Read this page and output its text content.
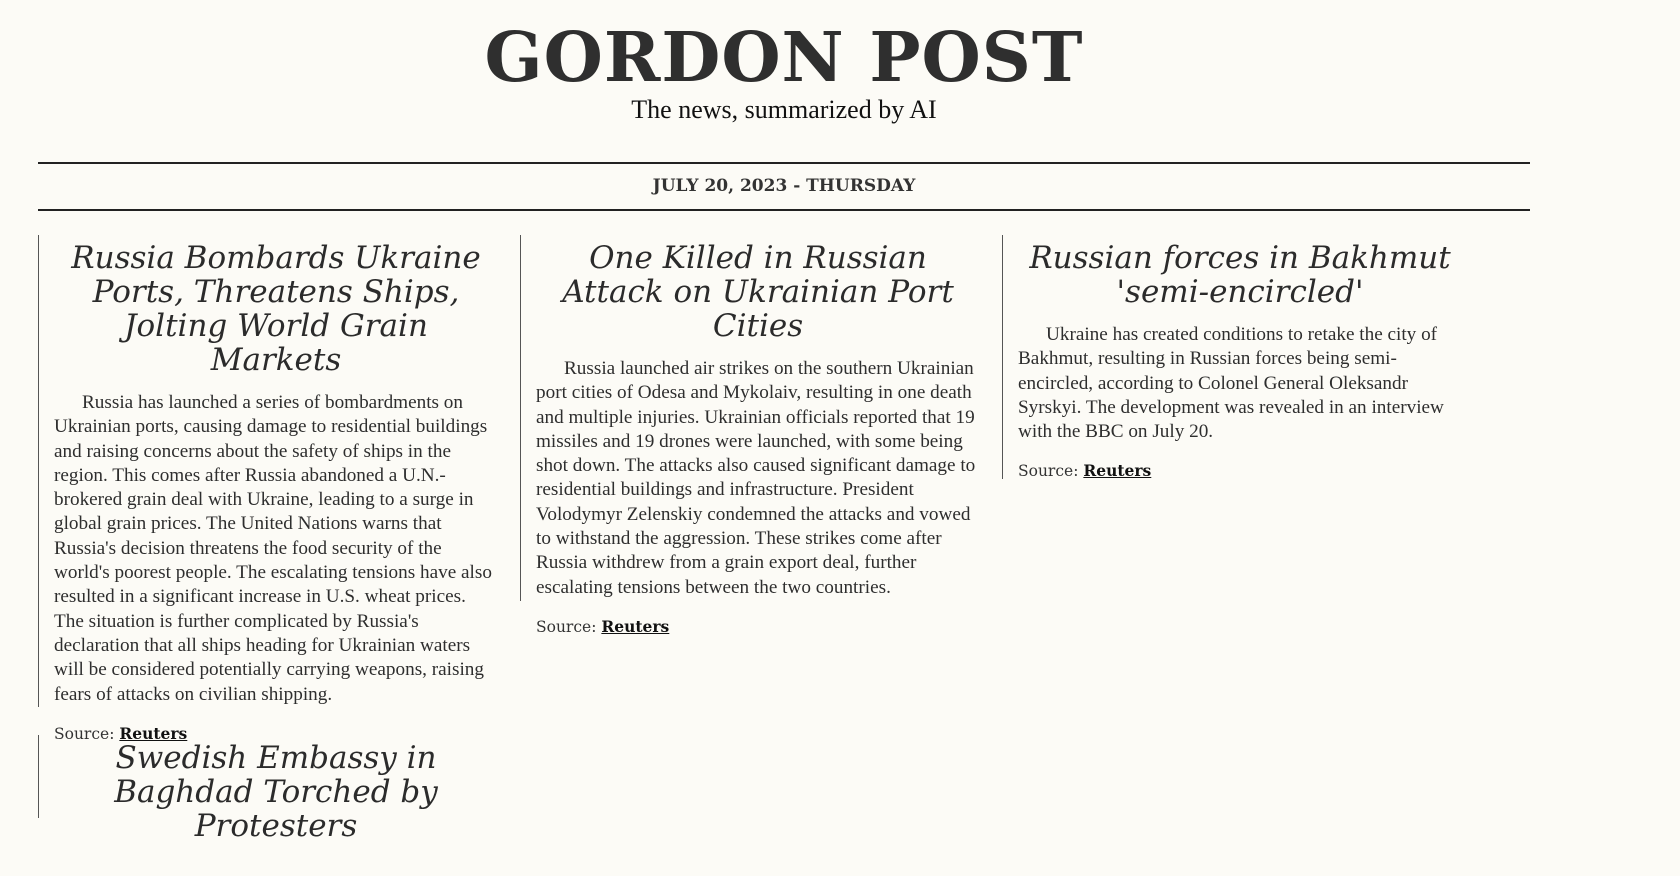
GORDON POST
The news, summarized by AI
JULY 20, 2023 - THURSDAY
Russia Bombards Ukraine Ports, Threatens Ships, Jolting World Grain Markets

Russia has launched a series of bombardments on Ukrainian ports, causing damage to residential buildings and raising concerns about the safety of ships in the region. This comes after Russia abandoned a U.N.-brokered grain deal with Ukraine, leading to a surge in global grain prices. The United Nations warns that Russia's decision threatens the food security of the world's poorest people. The escalating tensions have also resulted in a significant increase in U.S. wheat prices. The situation is further complicated by Russia's declaration that all ships heading for Ukrainian waters will be considered potentially carrying weapons, raising fears of attacks on civilian shipping.

Source: Reuters

One Killed in Russian Attack on Ukrainian Port Cities

Russia launched air strikes on the southern Ukrainian port cities of Odesa and Mykolaiv, resulting in one death and multiple injuries. Ukrainian officials reported that 19 missiles and 19 drones were launched, with some being shot down. The attacks also caused significant damage to residential buildings and infrastructure. President Volodymyr Zelenskiy condemned the attacks and vowed to withstand the aggression. These strikes come after Russia withdrew from a grain export deal, further escalating tensions between the two countries.

Source: Reuters

Russian forces in Bakhmut 'semi-encircled'

Ukraine has created conditions to retake the city of Bakhmut, resulting in Russian forces being semi-encircled, according to Colonel General Oleksandr Syrskyi. The development was revealed in an interview with the BBC on July 20.

Source: Reuters

Swedish Embassy in Baghdad Torched by Protesters
